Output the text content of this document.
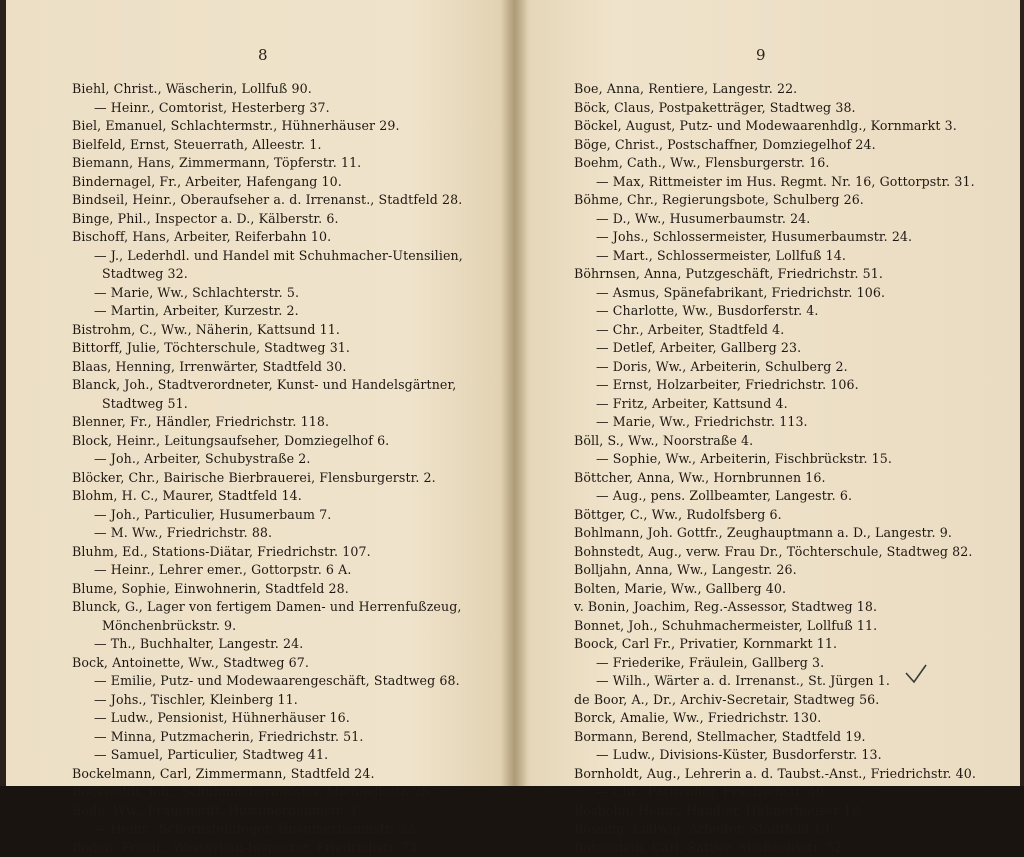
8
Biehl, Christ., Wäscherin, Lollfuß 90.
— Heinr., Comtorist, Hesterberg 37.
Biel, Emanuel, Schlachtermstr., Hühnerhäuser 29.
Bielfeld, Ernst, Steuerrath, Alleestr. 1.
Biemann, Hans, Zimmermann, Töpferstr. 11.
Bindernagel, Fr., Arbeiter, Hafengang 10.
Bindseil, Heinr., Oberaufseher a. d. Irrenanst., Stadtfeld 28.
Binge, Phil., Inspector a. D., Kälberstr. 6.
Bischoff, Hans, Arbeiter, Reiferbahn 10.
— J., Lederhdl. und Handel mit Schuhmacher-Utensilien,
Stadtweg 32.
— Marie, Ww., Schlachterstr. 5.
— Martin, Arbeiter, Kurzestr. 2.
Bistrohm, C., Ww., Näherin, Kattsund 11.
Bittorff, Julie, Töchterschule, Stadtweg 31.
Blaas, Henning, Irrenwärter, Stadtfeld 30.
Blanck, Joh., Stadtverordneter, Kunst- und Handelsgärtner,
Stadtweg 51.
Blenner, Fr., Händler, Friedrichstr. 118.
Block, Heinr., Leitungsaufseher, Domziegelhof 6.
— Joh., Arbeiter, Schubystraße 2.
Blöcker, Chr., Bairische Bierbrauerei, Flensburgerstr. 2.
Blohm, H. C., Maurer, Stadtfeld 14.
— Joh., Particulier, Husumerbaum 7.
— M. Ww., Friedrichstr. 88.
Bluhm, Ed., Stations-Diätar, Friedrichstr. 107.
— Heinr., Lehrer emer., Gottorpstr. 6 A.
Blume, Sophie, Einwohnerin, Stadtfeld 28.
Blunck, G., Lager von fertigem Damen- und Herrenfußzeug,
Mönchenbrückstr. 9.
— Th., Buchhalter, Langestr. 24.
Bock, Antoinette, Ww., Stadtweg 67.
— Emilie, Putz- und Modewaarengeschäft, Stadtweg 68.
— Johs., Tischler, Kleinberg 11.
— Ludw., Pensionist, Hühnerhäuser 16.
— Minna, Putzmacherin, Friedrichstr. 51.
— Samuel, Particulier, Stadtweg 41.
Bockelmann, Carl, Zimmermann, Stadtfeld 24.
Bockwoldt, Joh., Schuhmachermeister, Michaelisstr. 25.
Bode, Ww., Frauenstift, Husumerbaumstr. 3.
— Heinr., Schornsteinfeger, Husumerbaumstr. 22.
Boden, Friedr., Wasserbau-Inspector, Friedrichstr. 73.
9
Boe, Anna, Rentiere, Langestr. 22.
Böck, Claus, Postpaketträger, Stadtweg 38.
Böckel, August, Putz- und Modewaarenhdlg., Kornmarkt 3.
Böge, Christ., Postschaffner, Domziegelhof 24.
Boehm, Cath., Ww., Flensburgerstr. 16.
— Max, Rittmeister im Hus. Regmt. Nr. 16, Gottorpstr. 31.
Böhme, Chr., Regierungsbote, Schulberg 26.
— D., Ww., Husumerbaumstr. 24.
— Johs., Schlossermeister, Husumerbaumstr. 24.
— Mart., Schlossermeister, Lollfuß 14.
Böhrnsen, Anna, Putzgeschäft, Friedrichstr. 51.
— Asmus, Spänefabrikant, Friedrichstr. 106.
— Charlotte, Ww., Busdorferstr. 4.
— Chr., Arbeiter, Stadtfeld 4.
— Detlef, Arbeiter, Gallberg 23.
— Doris, Ww., Arbeiterin, Schulberg 2.
— Ernst, Holzarbeiter, Friedrichstr. 106.
— Fritz, Arbeiter, Kattsund 4.
— Marie, Ww., Friedrichstr. 113.
Böll, S., Ww., Noorstraße 4.
— Sophie, Ww., Arbeiterin, Fischbrückstr. 15.
Böttcher, Anna, Ww., Hornbrunnen 16.
— Aug., pens. Zollbeamter, Langestr. 6.
Böttger, C., Ww., Rudolfsberg 6.
Bohlmann, Joh. Gottfr., Zeughauptmann a. D., Langestr. 9.
Bohnstedt, Aug., verw. Frau Dr., Töchterschule, Stadtweg 82.
Bolljahn, Anna, Ww., Langestr. 26.
Bolten, Marie, Ww., Gallberg 40.
v. Bonin, Joachim, Reg.-Assessor, Stadtweg 18.
Bonnet, Joh., Schuhmachermeister, Lollfuß 11.
Boock, Carl Fr., Privatier, Kornmarkt 11.
— Friederike, Fräulein, Gallberg 3.
— Wilh., Wärter a. d. Irrenanst., St. Jürgen 1.
de Boor, A., Dr., Archiv-Secretair, Stadtweg 56.
Borck, Amalie, Ww., Friedrichstr. 130.
Bormann, Berend, Stellmacher, Stadtfeld 19.
— Ludw., Divisions-Küster, Busdorferstr. 13.
Bornholdt, Aug., Lehrerin a. d. Taubst.-Anst., Friedrichstr. 40.
— Chr., Particulier, Friedrichstr. 40.
Bosholm, Heinr., Händler, Hühnerhäuser 18.
Bossing, Ludwig, Arbeiter, Stadtfeld 19.
Botenstein, Carl, Sattler, Michaelisstr. 52.
